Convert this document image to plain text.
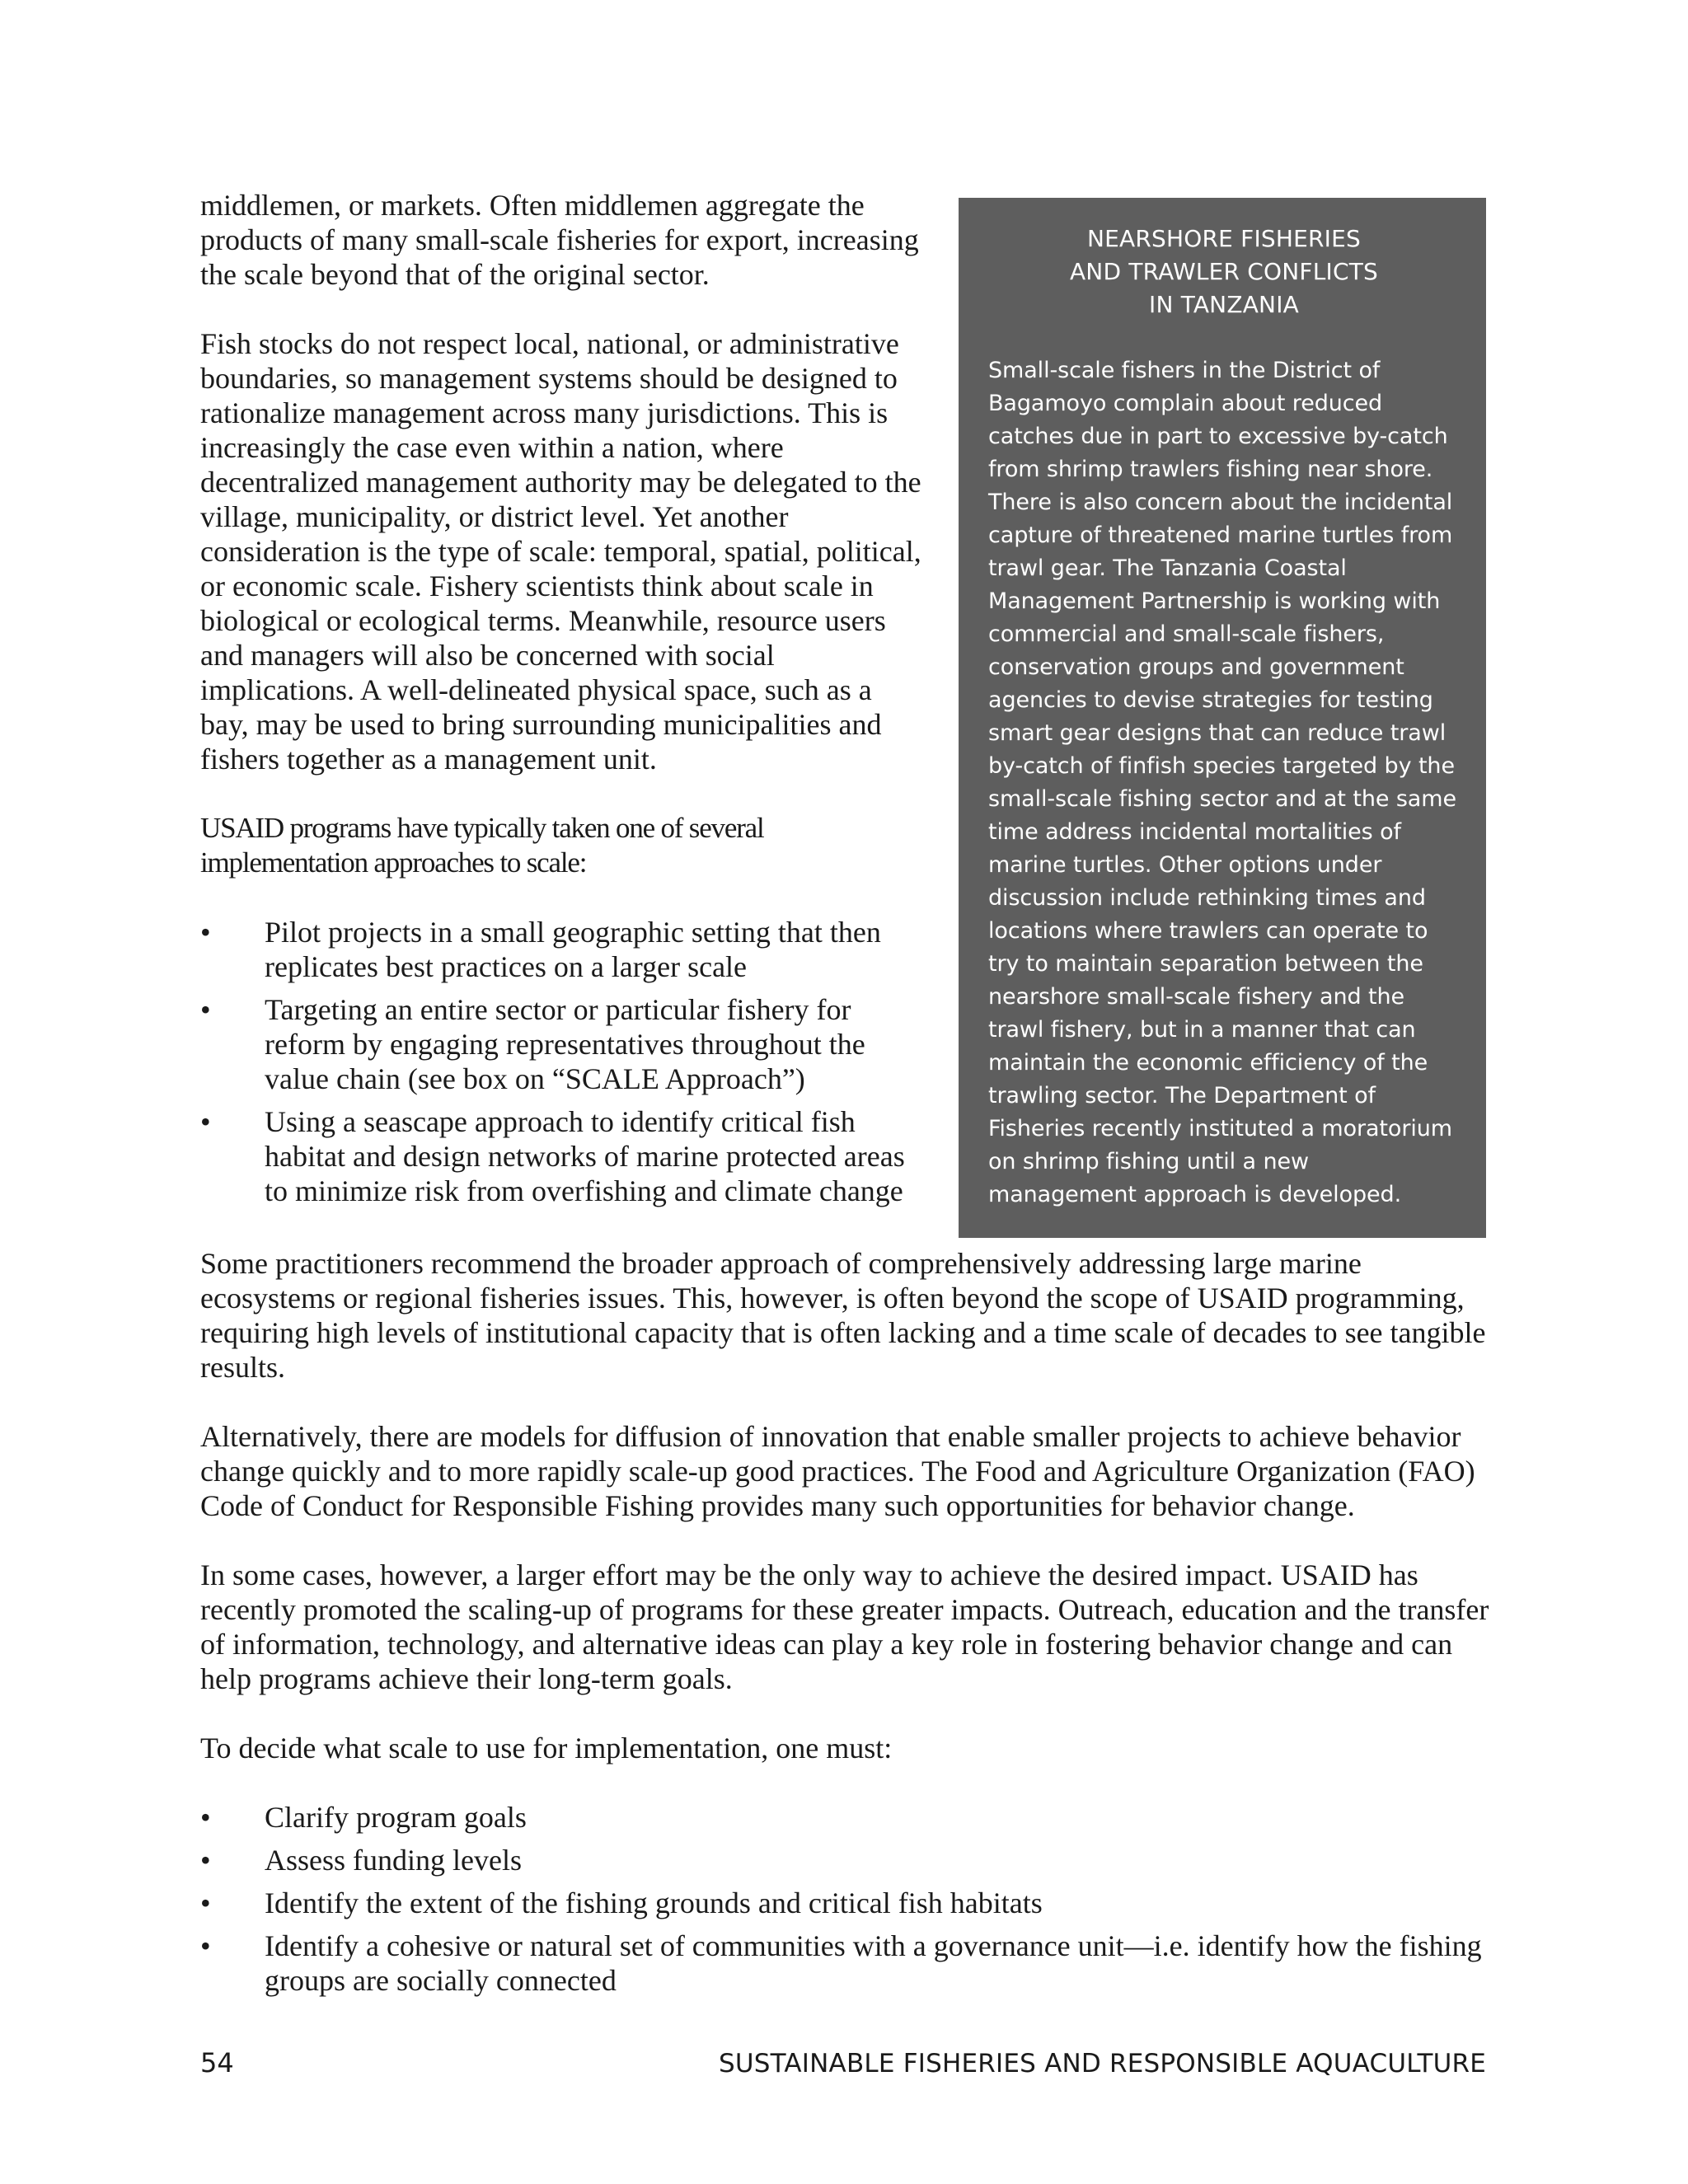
middlemen, or markets. Often middlemen aggregate the products of many small-scale fisheries for export, increasing the scale beyond that of the original sector.

Fish stocks do not respect local, national, or administrative boundaries, so management systems should be designed to rationalize management across many jurisdictions. This is increasingly the case even within a nation, where decentralized management authority may be delegated to the village, municipality, or district level. Yet another consideration is the type of scale: temporal, spatial, political, or economic scale. Fishery scientists think about scale in biological or ecological terms. Meanwhile, resource users and managers will also be concerned with social implications. A well-delineated physical space, such as a bay, may be used to bring surrounding municipalities and fishers together as a management unit.

USAID programs have typically taken one of several implementation approaches to scale:

• Pilot projects in a small geographic setting that then replicates best practices on a larger scale
• Targeting an entire sector or particular fishery for reform by engaging representatives throughout the value chain (see box on “SCALE Approach”)
• Using a seascape approach to identify critical fish habitat and design networks of marine protected areas to minimize risk from overfishing and climate change
NEARSHORE FISHERIES
AND TRAWLER CONFLICTS
IN TANZANIA

Small-scale fishers in the District of Bagamoyo complain about reduced catches due in part to excessive by-catch from shrimp trawlers fishing near shore. There is also concern about the incidental capture of threatened marine turtles from trawl gear. The Tanzania Coastal Management Partnership is working with commercial and small-scale fishers, conservation groups and government agencies to devise strategies for testing smart gear designs that can reduce trawl by-catch of finfish species targeted by the small-scale fishing sector and at the same time address incidental mortalities of marine turtles. Other options under discussion include rethinking times and locations where trawlers can operate to try to maintain separation between the nearshore small-scale fishery and the trawl fishery, but in a manner that can maintain the economic efficiency of the trawling sector. The Department of Fisheries recently instituted a moratorium on shrimp fishing until a new management approach is developed.

Some practitioners recommend the broader approach of comprehensively addressing large marine ecosystems or regional fisheries issues. This, however, is often beyond the scope of USAID programming, requiring high levels of institutional capacity that is often lacking and a time scale of decades to see tangible results.

Alternatively, there are models for diffusion of innovation that enable smaller projects to achieve behavior change quickly and to more rapidly scale-up good practices. The Food and Agriculture Organization (FAO) Code of Conduct for Responsible Fishing provides many such opportunities for behavior change.

In some cases, however, a larger effort may be the only way to achieve the desired impact. USAID has recently promoted the scaling-up of programs for these greater impacts. Outreach, education and the transfer of information, technology, and alternative ideas can play a key role in fostering behavior change and can help programs achieve their long-term goals.

To decide what scale to use for implementation, one must:

• Clarify program goals
• Assess funding levels
• Identify the extent of the fishing grounds and critical fish habitats
• Identify a cohesive or natural set of communities with a governance unit—i.e. identify how the fishing groups are socially connected
54	SUSTAINABLE FISHERIES AND RESPONSIBLE AQUACULTURE
